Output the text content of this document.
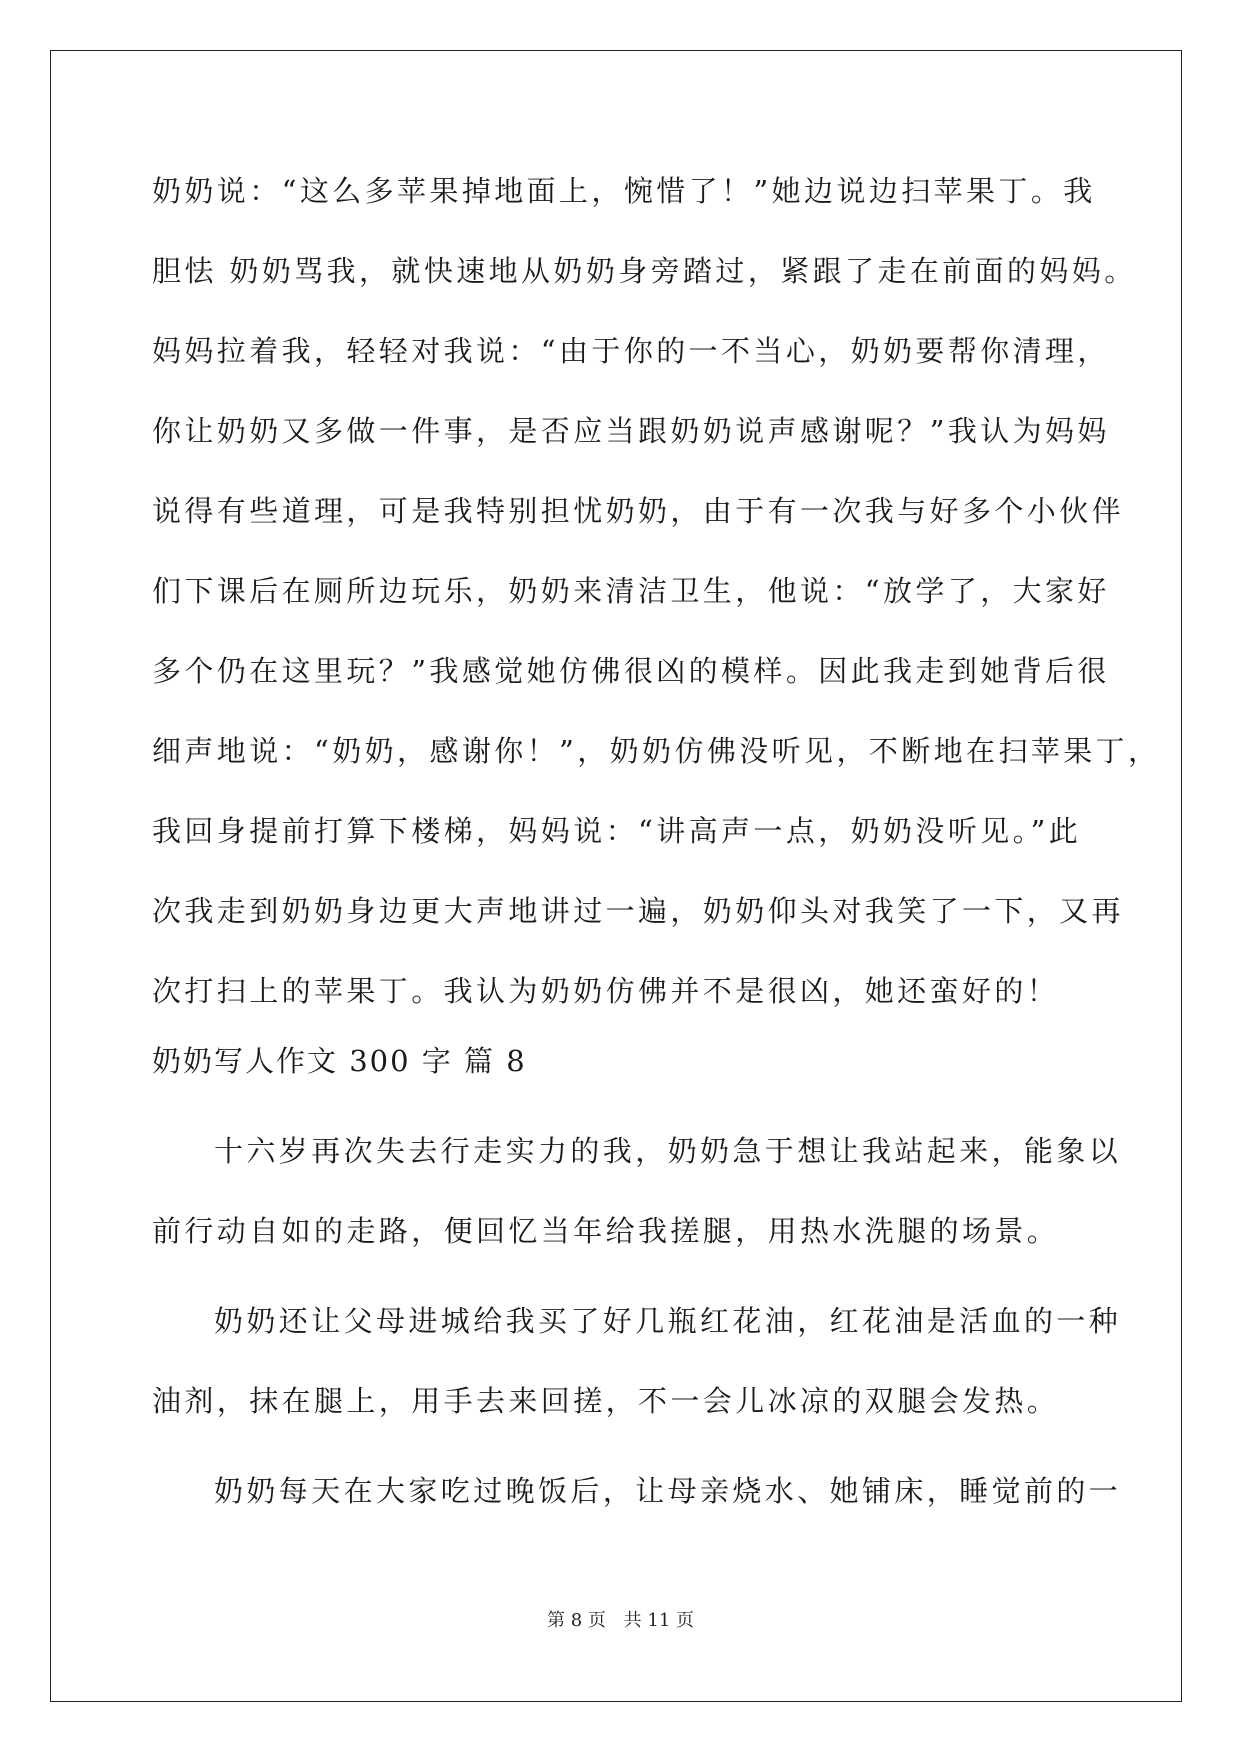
奶奶说：“这么多苹果掉地面上，惋惜了！”她边说边扫苹果丁。我
胆怯 奶奶骂我，就快速地从奶奶身旁踏过，紧跟了走在前面的妈妈。
妈妈拉着我，轻轻对我说：“由于你的一不当心，奶奶要帮你清理，
你让奶奶又多做一件事，是否应当跟奶奶说声感谢呢？”我认为妈妈
说得有些道理，可是我特别担忧奶奶，由于有一次我与好多个小伙伴
们下课后在厕所边玩乐，奶奶来清洁卫生，他说：“放学了，大家好
多个仍在这里玩？”我感觉她仿佛很凶的模样。因此我走到她背后很
细声地说：“奶奶，感谢你！”，奶奶仿佛没听见，不断地在扫苹果丁，
我回身提前打算下楼梯，妈妈说：“讲高声一点，奶奶没听见。”此
次我走到奶奶身边更大声地讲过一遍，奶奶仰头对我笑了一下，又再
次打扫上的苹果丁。我认为奶奶仿佛并不是很凶，她还蛮好的！
奶奶写人作文 300 字 篇 8
十六岁再次失去行走实力的我，奶奶急于想让我站起来，能象以
前行动自如的走路，便回忆当年给我搓腿，用热水洗腿的场景。
奶奶还让父母进城给我买了好几瓶红花油，红花油是活血的一种
油剂，抹在腿上，用手去来回搓，不一会儿冰凉的双腿会发热。
奶奶每天在大家吃过晚饭后，让母亲烧水、她铺床，睡觉前的一
第 8 页 共 11 页
